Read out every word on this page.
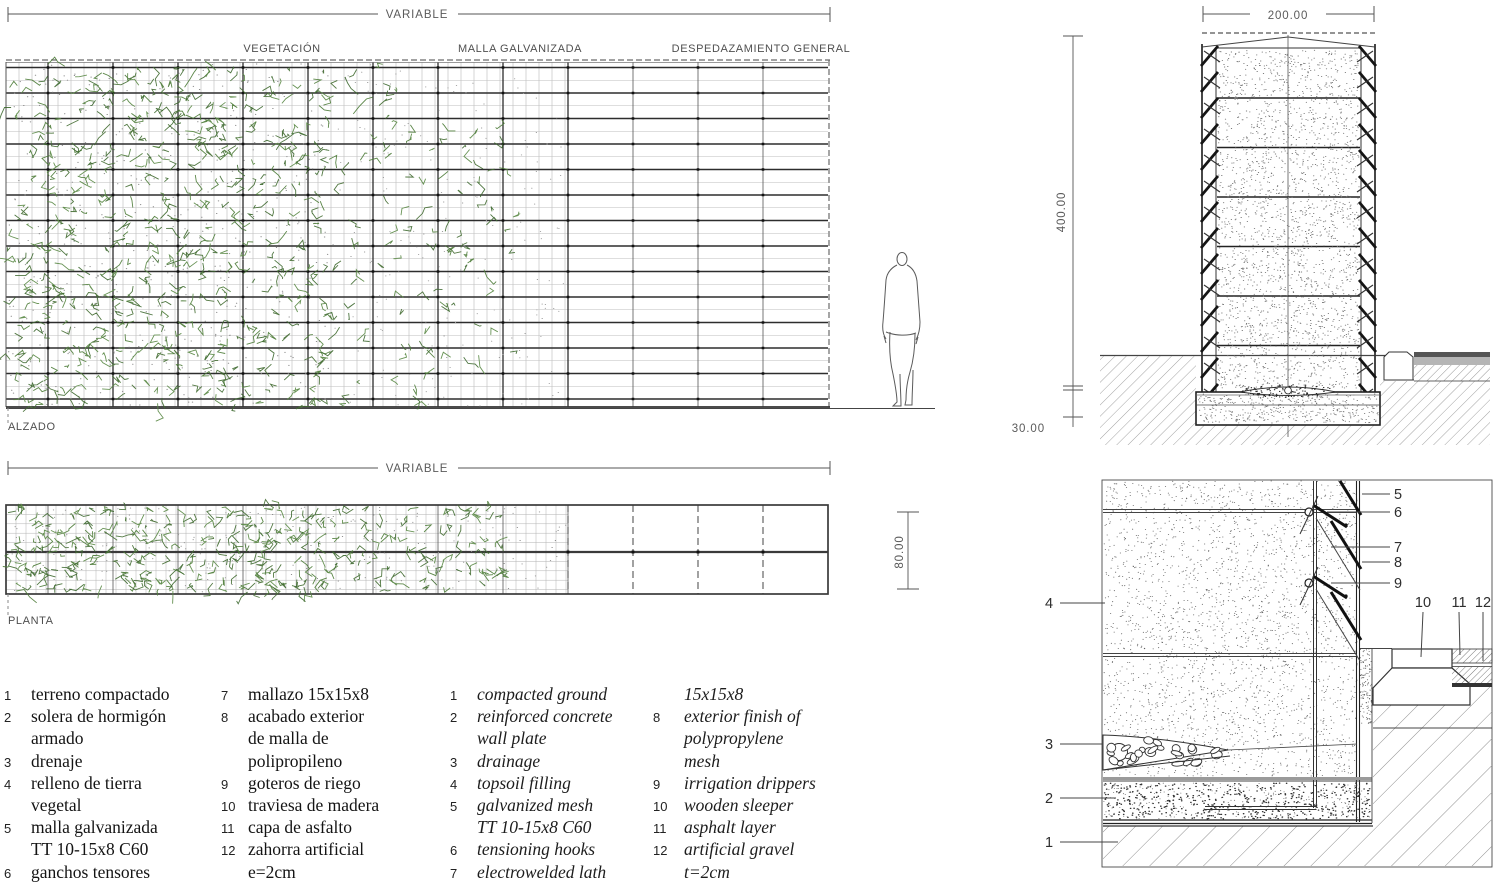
VARIABLE
VEGETACIÓN	MALLA GALVANIZADA	DESPEDAZAMIENTO GENERAL
ALZADO
VARIABLE
80.00
PLANTA
200.00
400.00
30.00
5
6
7
8
9
10 11 12
4
3
2
1
1	terreno compactado
2	solera de hormigón
armado
3	drenaje
4	relleno de tierra
vegetal
5	malla galvanizada
TT 10-15x8 C60
6	ganchos tensores
7	mallazo 15x15x8
8	acabado exterior
de malla de
polipropileno
9	goteros de riego
10 traviesa de madera
11 capa de asfalto
12 zahorra artificial
e=2cm
1	compacted ground
2	reinforced concrete
wall plate
3	drainage
4	topsoil filling
5	galvanized mesh
TT 10-15x8 C60
6	tensioning hooks
7	electrowelded lath
15x15x8
8	exterior finish of
polypropylene
mesh
9	irrigation drippers
10 wooden sleeper
11	asphalt layer
12 artificial gravel
t=2cm
